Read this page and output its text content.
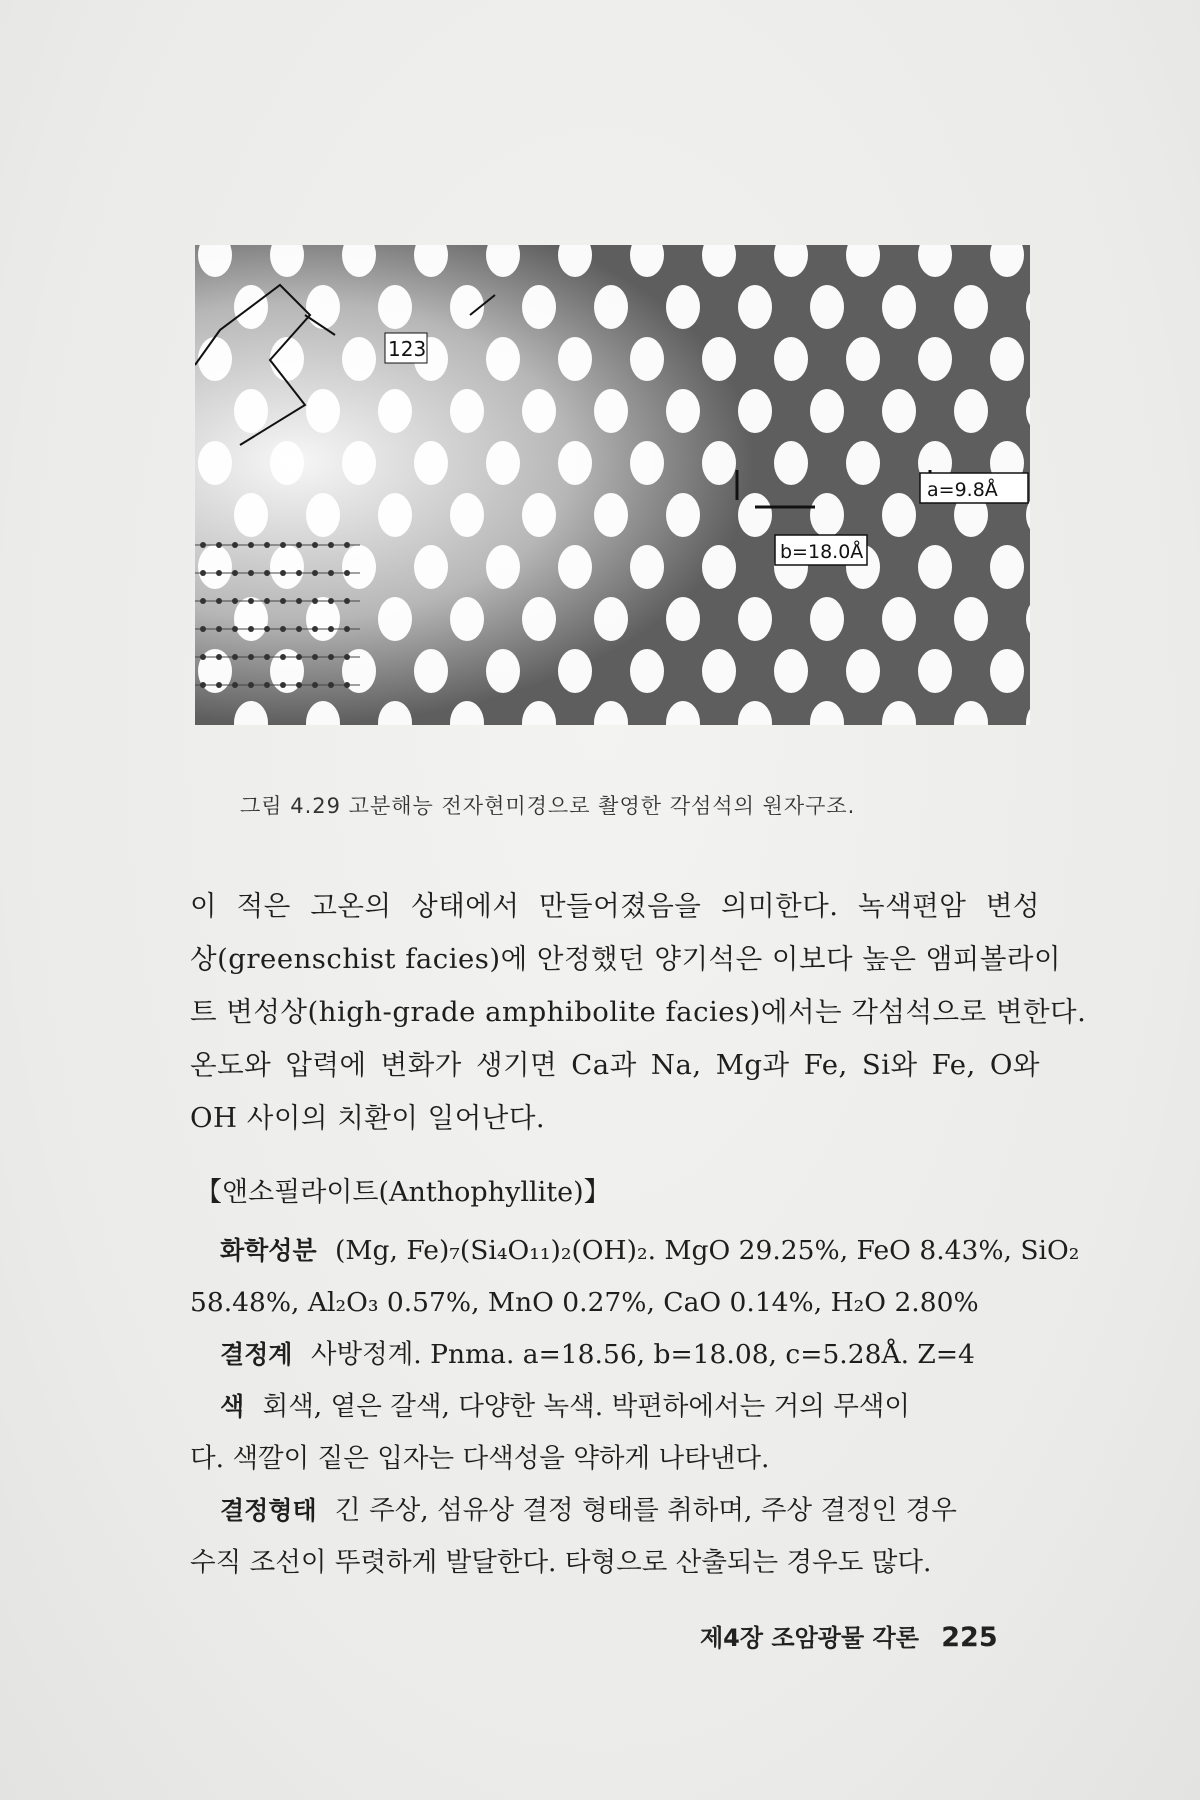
123
a=9.8Å
b=18.0Å
그림 4.29 고분해능 전자현미경으로 촬영한 각섬석의 원자구조.

이 적은 고온의 상태에서 만들어졌음을 의미한다. 녹색편암 변성

상(greenschist facies)에 안정했던 양기석은 이보다 높은 앰피볼라이

트 변성상(high-grade amphibolite facies)에서는 각섬석으로 변한다.

온도와 압력에 변화가 생기면 Ca과 Na, Mg과 Fe, Si와 Fe, O와

OH 사이의 치환이 일어난다.

【앤소필라이트(Anthophyllite)】
화학성분 (Mg, Fe)₇(Si₄O₁₁)₂(OH)₂. MgO 29.25%, FeO 8.43%, SiO₂
58.48%, Al₂O₃ 0.57%, MnO 0.27%, CaO 0.14%, H₂O 2.80%
결정계 사방정계. Pnma. a=18.56, b=18.08, c=5.28Å. Z=4
색 회색, 옅은 갈색, 다양한 녹색. 박편하에서는 거의 무색이
다. 색깔이 짙은 입자는 다색성을 약하게 나타낸다.
결정형태 긴 주상, 섬유상 결정 형태를 취하며, 주상 결정인 경우
수직 조선이 뚜렷하게 발달한다. 타형으로 산출되는 경우도 많다.
제4장 조암광물 각론 225
